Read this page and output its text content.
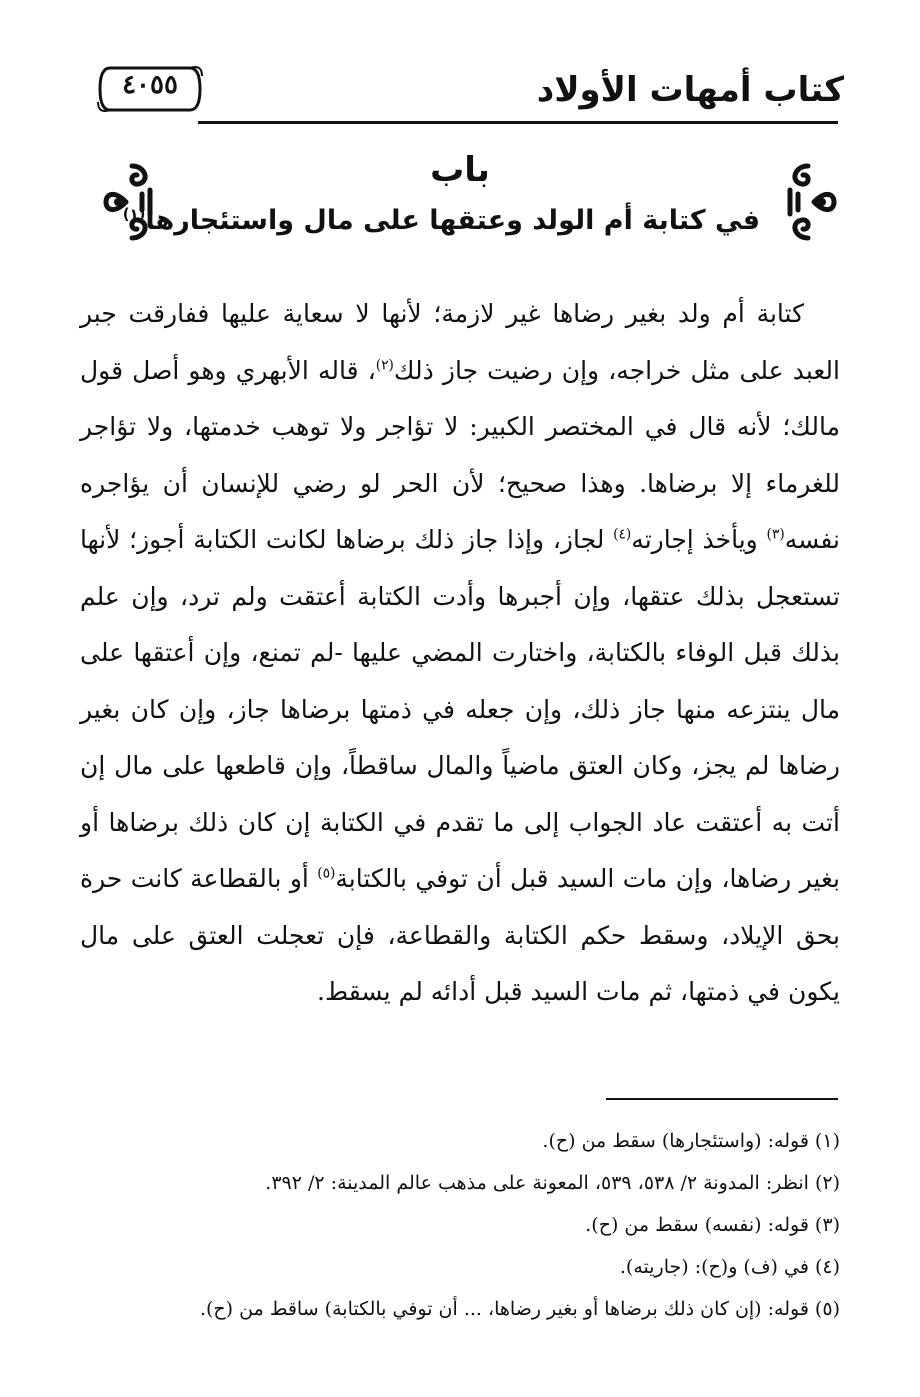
كتاب أمهات الأولاد
٤٠٥٥
باب
في كتابة أم الولد وعتقها على مال واستئجارها$^{(١)}$

كتابة أم ولد بغير رضاها غير لازمة؛ لأنها لا سعاية عليها ففارقت جبر العبد على مثل خراجه، وإن رضيت جاز ذلك$^{(٢)}$، قاله الأبهري وهو أصل قول مالك؛ لأنه قال في المختصر الكبير: لا تؤاجر ولا توهب خدمتها، ولا تؤاجر للغرماء إلا برضاها. وهذا صحيح؛ لأن الحر لو رضي للإنسان أن يؤاجره نفسه$^{(٣)}$ ويأخذ إجارته$^{(٤)}$ لجاز، وإذا جاز ذلك برضاها لكانت الكتابة أجوز؛ لأنها تستعجل بذلك عتقها، وإن أجبرها وأدت الكتابة أعتقت ولم ترد، وإن علم بذلك قبل الوفاء بالكتابة، واختارت المضي عليها -لم تمنع، وإن أعتقها على مال ينتزعه منها جاز ذلك، وإن جعله في ذمتها برضاها جاز، وإن كان بغير رضاها لم يجز، وكان العتق ماضياً والمال ساقطاً، وإن قاطعها على مال إن أتت به أعتقت عاد الجواب إلى ما تقدم في الكتابة إن كان ذلك برضاها أو بغير رضاها، وإن مات السيد قبل أن توفي بالكتابة$^{(٥)}$ أو بالقطاعة كانت حرة بحق الإيلاد، وسقط حكم الكتابة والقطاعة، فإن تعجلت العتق على مال يكون في ذمتها، ثم مات السيد قبل أدائه لم يسقط.

(١) قوله: (واستئجارها) سقط من (ح).
(٢) انظر: المدونة ٢/ ٥٣٨، ٥٣٩، المعونة على مذهب عالم المدينة: ٢/ ٣٩٢.
(٣) قوله: (نفسه) سقط من (ح).
(٤) في (ف) و(ح): (جاريته).
(٥) قوله: (إن كان ذلك برضاها أو بغير رضاها، ... أن توفي بالكتابة) ساقط من (ح).
